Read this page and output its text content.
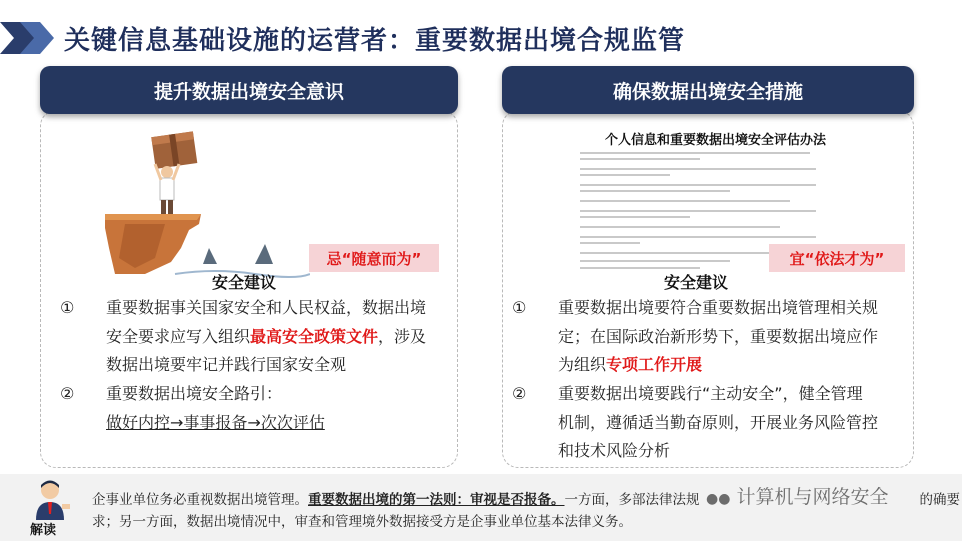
关键信息基础设施的运营者：重要数据出境合规监管
提升数据出境安全意识	确保数据出境安全措施
忌“随意而为”
安全建议
① 重要数据事关国家安全和人民权益，数据出境
安全要求应写入组织最高安全政策文件，涉及
数据出境要牢记并践行国家安全观
② 重要数据出境安全路引：
做好内控→事事报备→次次评估
个人信息和重要数据出境安全评估办法
宜“依法才为”
安全建议
① 重要数据出境要符合重要数据出境管理相关规
定；在国际政治新形势下，重要数据出境应作
为组织专项工作开展
② 重要数据出境要践行“主动安全”，健全管理
机制，遵循适当勤奋原则，开展业务风险管控
和技术风险分析
解读
企事业单位务必重视数据出境管理。重要数据出境的第一法则：审视是否报备。一方面，多部法律法规	的确要
求；另一方面，数据出境情况中，审查和管理境外数据接受方是企事业单位基本法律义务。
●● 计算机与网络安全
